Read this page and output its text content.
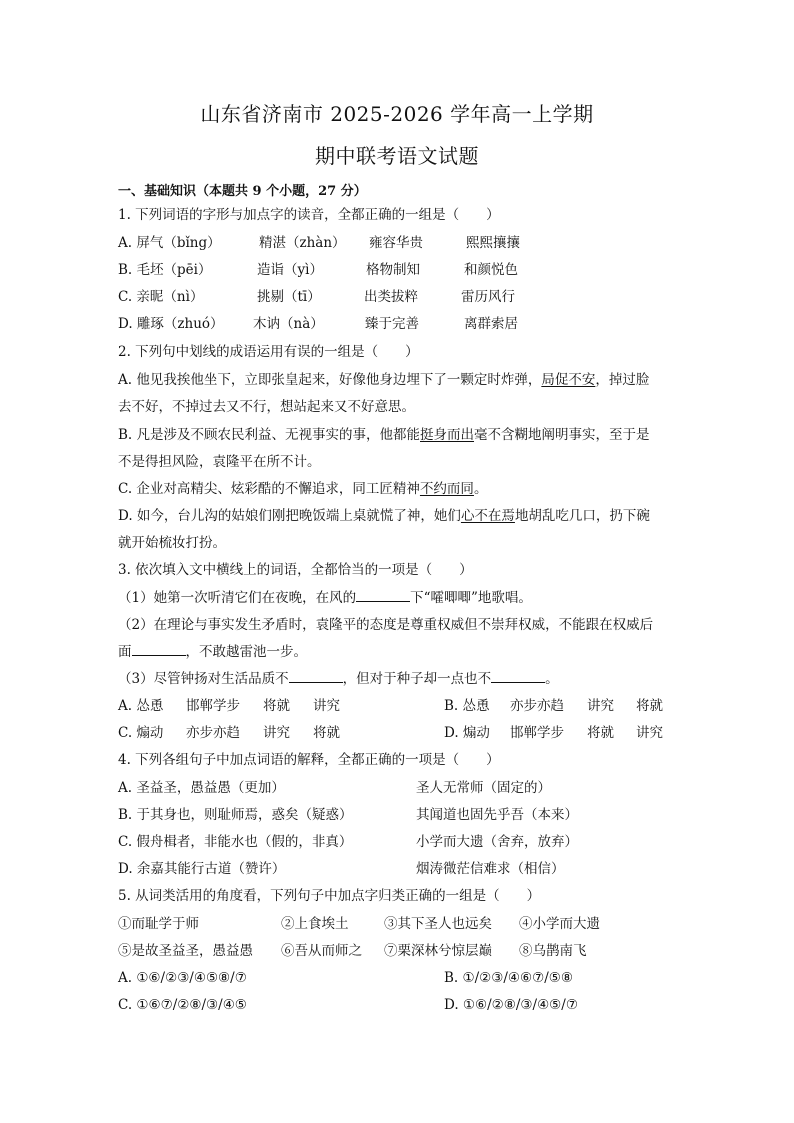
山东省济南市 2025-2026 学年高一上学期
期中联考语文试题
一、基础知识（本题共 9 个小题，27 分）
1. 下列词语的字形与加点字的读音，全都正确的一组是（　　）
A. 屏气（bǐng）	精湛（zhàn） 雍容华贵	熙熙攘攘
B. 毛坯（pēi）	造诣（yì）	格物制知	和颜悦色
C. 亲昵（nì）	挑剔（tī）	出类拔粹	雷历风行
D. 雕琢（zhuó） 木讷（nà）	臻于完善	离群索居
2. 下列句中划线的成语运用有误的一组是（　　）
A. 他见我挨他坐下，立即张皇起来，好像他身边埋下了一颗定时炸弹，局促不安，掉过脸
去不好，不掉过去又不行，想站起来又不好意思。
B. 凡是涉及不顾农民利益、无视事实的事，他都能挺身而出毫不含糊地阐明事实，至于是
不是得担风险，袁隆平在所不计。
C. 企业对高精尖、炫彩酷的不懈追求，同工匠精神不约而同。
D. 如今，台儿沟的姑娘们刚把晚饭端上桌就慌了神，她们心不在焉地胡乱吃几口，扔下碗
就开始梳妆打扮。
3. 依次填入文中横线上的词语，全都恰当的一项是（　　）
（1）她第一次听清它们在夜晚，在风的	下“嚯唧唧”地歌唱。
（2）在理论与事实发生矛盾时，袁隆平的态度是尊重权威但不崇拜权威，不能跟在权威后
面	，不敢越雷池一步。
（3）尽管钟扬对生活品质不	，但对于种子却一点也不	。
A. 怂恿 邯郸学步 将就 讲究	B. 怂恿 亦步亦趋 讲究 将就
C. 煽动 亦步亦趋 讲究 将就	D. 煽动 邯郸学步 将就 讲究
4. 下列各组句子中加点词语的解释，全都正确的一项是（　　）
A. 圣益圣，愚益愚（更加）	圣人无常师（固定的）
B. 于其身也，则耻师焉，惑矣（疑惑）	其闻道也固先乎吾（本来）
C. 假舟楫者，非能水也（假的，非真）	小学而大遗（舍弃，放弃）
D. 余嘉其能行古道（赞许）	烟涛微茫信难求（相信）
5. 从词类活用的角度看，下列句子中加点字归类正确的一组是（　　）
①而耻学于师	②上食埃土	③其下圣人也远矣 ④小学而大遗
⑤是故圣益圣，愚益愚 ⑥吾从而师之 ⑦栗深林兮惊层巅 ⑧乌鹊南飞
A. ①⑥/②③/④⑤⑧/⑦	B. ①/②③/④⑥⑦/⑤⑧
C. ①⑥⑦/②⑧/③/④⑤	D. ①⑥/②⑧/③/④⑤/⑦
